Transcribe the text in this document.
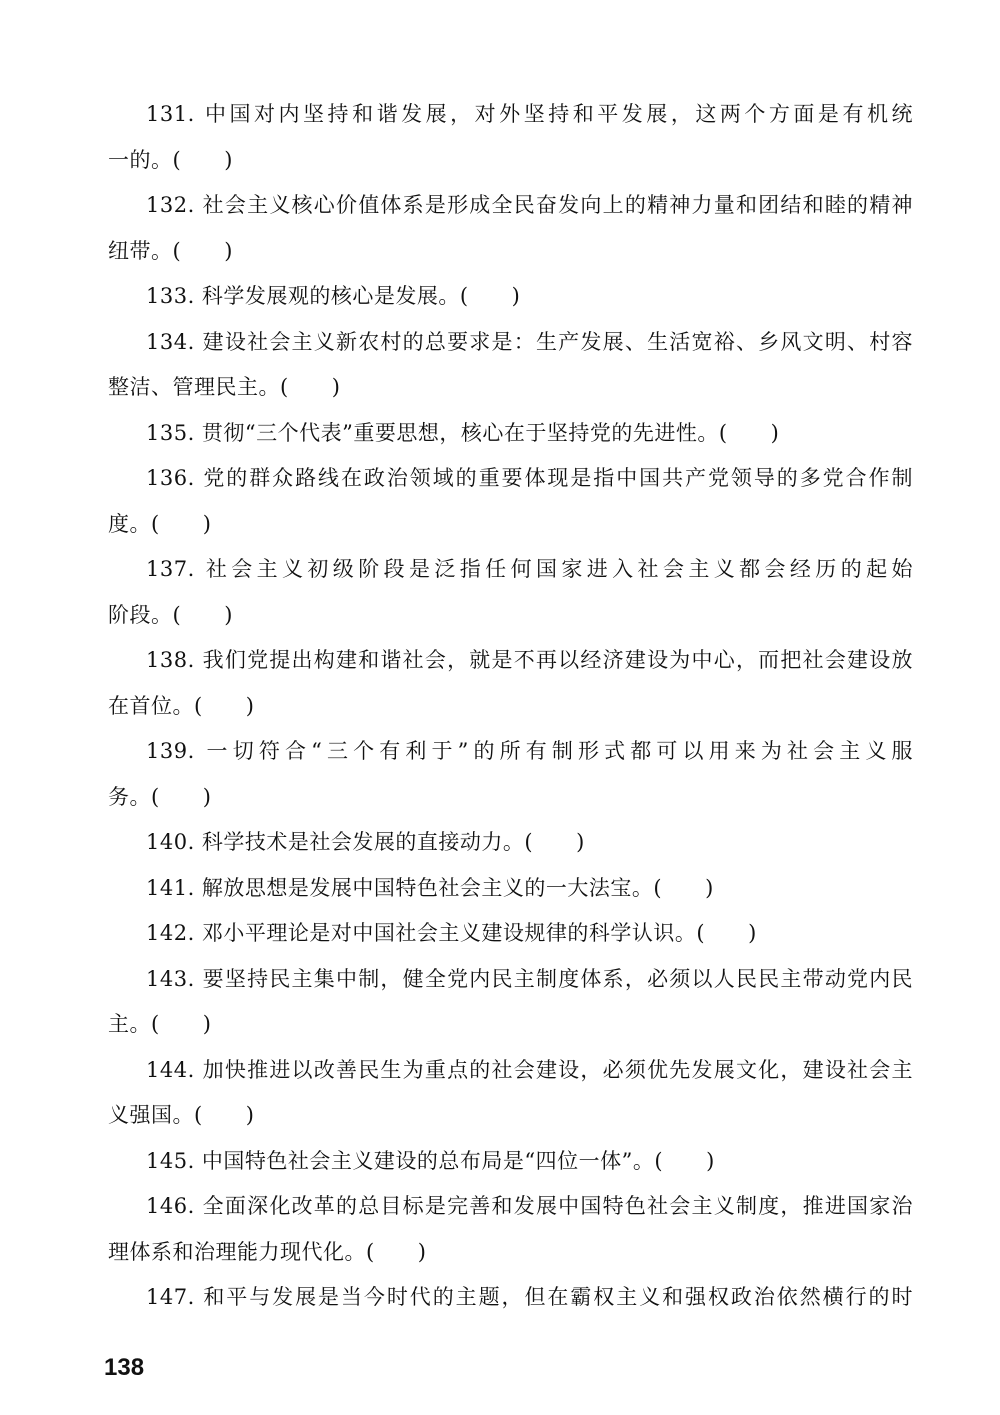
131. 中国对内坚持和谐发展，对外坚持和平发展，这两个方面是有机统
一的。(　　)
132. 社会主义核心价值体系是形成全民奋发向上的精神力量和团结和睦的精神
纽带。(　　)
133. 科学发展观的核心是发展。(　　)
134. 建设社会主义新农村的总要求是：生产发展、生活宽裕、乡风文明、村容
整洁、管理民主。(　　)
135. 贯彻“三个代表”重要思想，核心在于坚持党的先进性。(　　)
136. 党的群众路线在政治领域的重要体现是指中国共产党领导的多党合作制
度。(　　)
137. 社会主义初级阶段是泛指任何国家进入社会主义都会经历的起始
阶段。(　　)
138. 我们党提出构建和谐社会，就是不再以经济建设为中心，而把社会建设放
在首位。(　　)
139. 一切符合“三个有利于”的所有制形式都可以用来为社会主义服
务。(　　)
140. 科学技术是社会发展的直接动力。(　　)
141. 解放思想是发展中国特色社会主义的一大法宝。(　　)
142. 邓小平理论是对中国社会主义建设规律的科学认识。(　　)
143. 要坚持民主集中制，健全党内民主制度体系，必须以人民民主带动党内民
主。(　　)
144. 加快推进以改善民生为重点的社会建设，必须优先发展文化，建设社会主
义强国。(　　)
145. 中国特色社会主义建设的总布局是“四位一体”。(　　)
146. 全面深化改革的总目标是完善和发展中国特色社会主义制度，推进国家治
理体系和治理能力现代化。(　　)
147. 和平与发展是当今时代的主题，但在霸权主义和强权政治依然横行的时
138
